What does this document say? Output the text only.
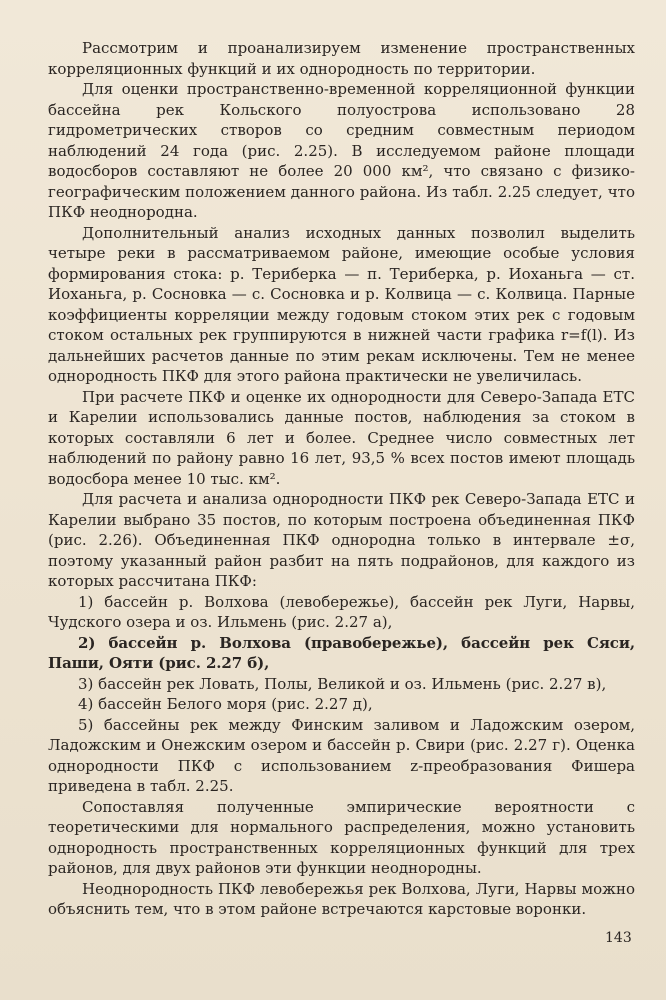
Рассмотрим и проанализируем изменение пространственных корреляционных функций и их однородность по территории.

Для оценки пространственно-временной корреляционной функции бассейна рек Кольского полуострова использовано 28 гидрометрических створов со средним совместным периодом наблюдений 24 года (рис. 2.25). В исследуемом районе площади водосборов составляют не более 20 000 км², что связано с физико-географическим положением данного района. Из табл. 2.25 следует, что ПКФ неоднородна.

Дополнительный анализ исходных данных позволил выделить четыре реки в рассматриваемом районе, имеющие особые условия формирования стока: р. Териберка — п. Териберка, р. Иоханьга — ст. Иоханьга, р. Сосновка — с. Сосновка и р. Колвица — с. Колвица. Парные коэффициенты корреляции между годовым стоком этих рек с годовым стоком остальных рек группируются в нижней части графика r=f(l). Из дальнейших расчетов данные по этим рекам исключены. Тем не менее однородность ПКФ для этого района практически не увеличилась.

При расчете ПКФ и оценке их однородности для Северо-Запада ЕТС и Карелии использовались данные постов, наблюдения за стоком в которых составляли 6 лет и более. Среднее число совместных лет наблюдений по району равно 16 лет, 93,5 % всех постов имеют площадь водосбора менее 10 тыс. км².

Для расчета и анализа однородности ПКФ рек Северо-Запада ЕТС и Карелии выбрано 35 постов, по которым построена объединенная ПКФ (рис. 2.26). Объединенная ПКФ однородна только в интервале ±σ, поэтому указанный район разбит на пять подрайонов, для каждого из которых рассчитана ПКФ:

1) бассейн р. Волхова (левобережье), бассейн рек Луги, Нарвы, Чудского озера и оз. Ильмень (рис. 2.27 а),

2) бассейн р. Волхова (правобережье), бассейн рек Сяси, Паши, Ояти (рис. 2.27 б),

3) бассейн рек Ловать, Полы, Великой и оз. Ильмень (рис. 2.27 в),

4) бассейн Белого моря (рис. 2.27 д),

5) бассейны рек между Финским заливом и Ладожским озером, Ладожским и Онежским озером и бассейн р. Свири (рис. 2.27 г). Оценка однородности ПКФ с использованием z-преобразования Фишера приведена в табл. 2.25.

Сопоставляя полученные эмпирические вероятности с теоретическими для нормального распределения, можно установить однородность пространственных корреляционных функций для трех районов, для двух районов эти функции неоднородны.

Неоднородность ПКФ левобережья рек Волхова, Луги, Нарвы можно объяснить тем, что в этом районе встречаются карстовые воронки.

143
